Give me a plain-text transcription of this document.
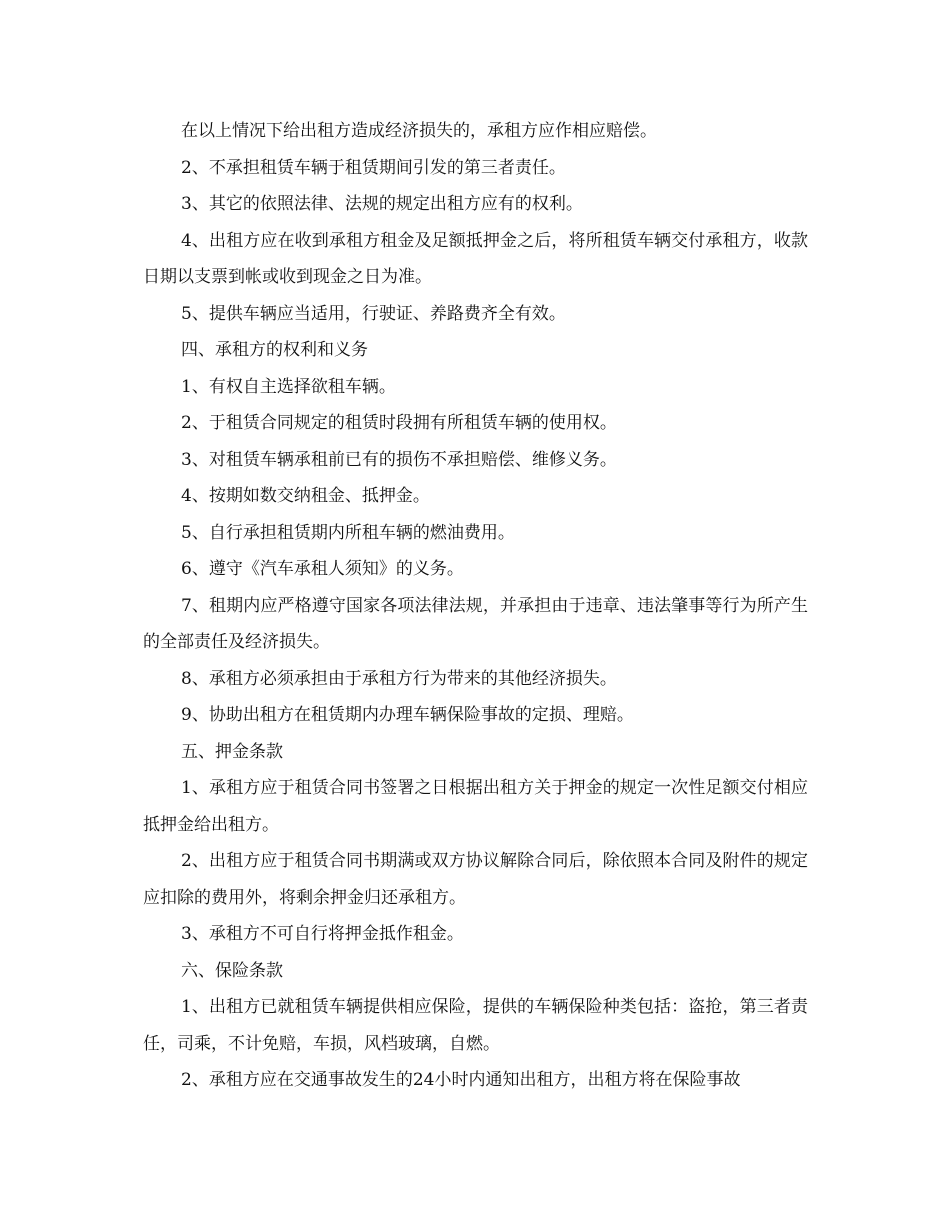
在以上情况下给出租方造成经济损失的，承租方应作相应赔偿。

2、不承担租赁车辆于租赁期间引发的第三者责任。

3、其它的依照法律、法规的规定出租方应有的权利。

4、出租方应在收到承租方租金及足额抵押金之后，将所租赁车辆交付承租方，收款日期以支票到帐或收到现金之日为准。

5、提供车辆应当适用，行驶证、养路费齐全有效。

四、承租方的权利和义务

1、有权自主选择欲租车辆。

2、于租赁合同规定的租赁时段拥有所租赁车辆的使用权。

3、对租赁车辆承租前已有的损伤不承担赔偿、维修义务。

4、按期如数交纳租金、抵押金。

5、自行承担租赁期内所租车辆的燃油费用。

6、遵守《汽车承租人须知》的义务。

7、租期内应严格遵守国家各项法律法规，并承担由于违章、违法肇事等行为所产生的全部责任及经济损失。

8、承租方必须承担由于承租方行为带来的其他经济损失。

9、协助出租方在租赁期内办理车辆保险事故的定损、理赔。

五、押金条款

1、承租方应于租赁合同书签署之日根据出租方关于押金的规定一次性足额交付相应抵押金给出租方。

2、出租方应于租赁合同书期满或双方协议解除合同后，除依照本合同及附件的规定应扣除的费用外，将剩余押金归还承租方。

3、承租方不可自行将押金抵作租金。

六、保险条款

1、出租方已就租赁车辆提供相应保险，提供的车辆保险种类包括：盗抢，第三者责任，司乘，不计免赔，车损，风档玻璃，自燃。

2、承租方应在交通事故发生的24小时内通知出租方，出租方将在保险事故
